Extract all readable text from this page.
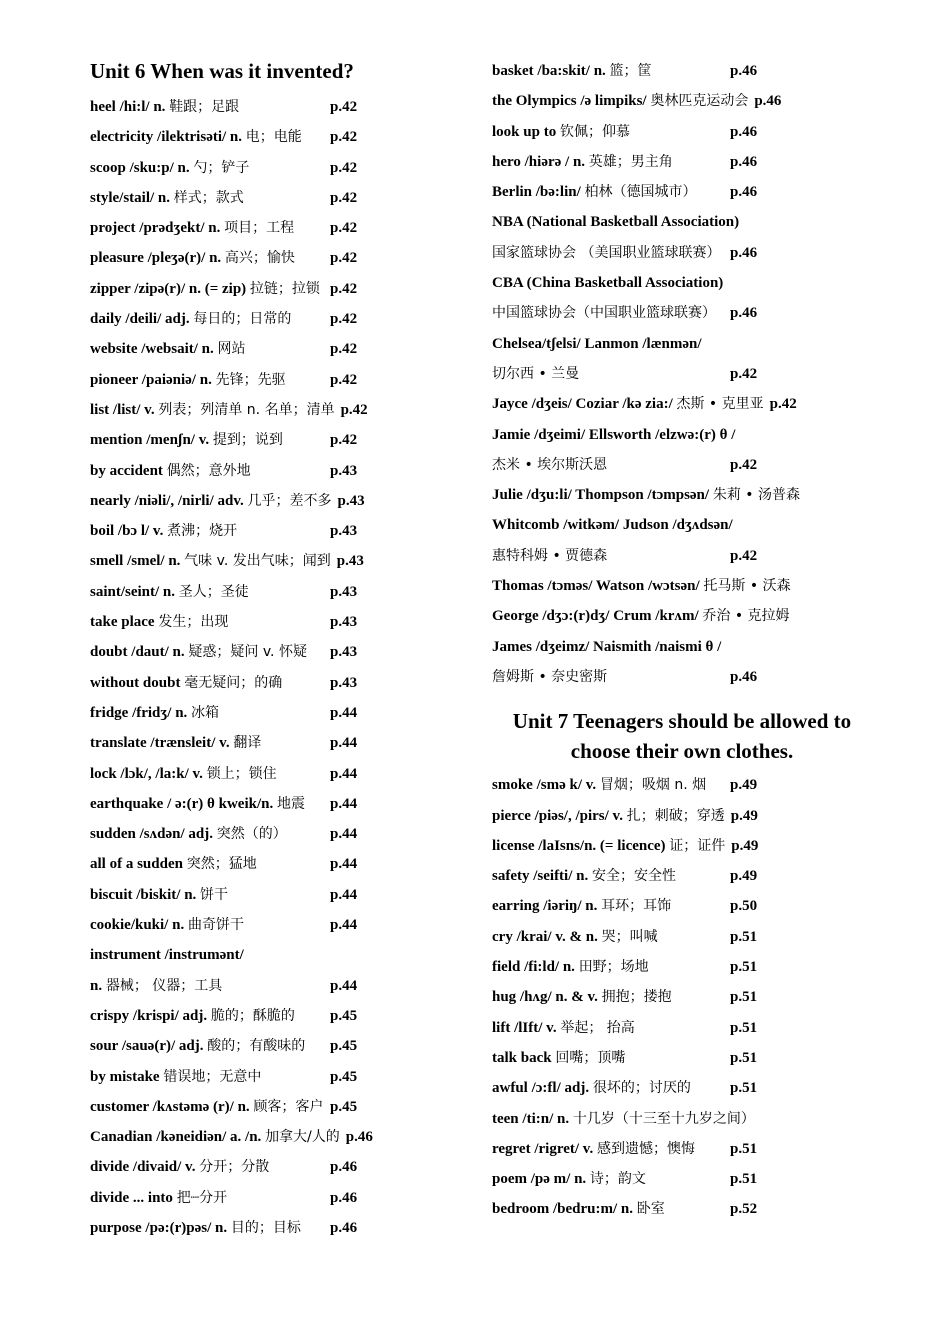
Unit 6 When was it invented?
heel /hi:l/ n. 鞋跟；足跟	p.42
electricity /ilektrisəti/ n. 电；电能 p.42
scoop /sku:p/ n. 勺；铲子	p.42
style/stail/ n. 样式；款式	p.42
project /prədʒekt/ n. 项目；工程 p.42
pleasure /pleʒə(r)/ n. 高兴；愉快 p.42
zipper /zipə(r)/ n. (= zip) 拉链；拉锁 p.42
daily /deili/ adj. 每日的；日常的	p.42
website /websait/ n. 网站	p.42
pioneer /paiəniə/ n. 先锋；先驱	p.42
list /list/ v. 列表；列清单 n. 名单；清单 p.42
mention /menʃn/ v. 提到；说到	p.42
by accident 偶然；意外地	p.43
nearly /niəli/, /nirli/ adv. 几乎；差不多 p.43
boil /bɔ l/ v. 煮沸；烧开	p.43
smell /smel/ n. 气味 v. 发出气味；闻到 p.43
saint/seint/ n. 圣人；圣徒	p.43
take place 发生；出现	p.43
doubt /daut/ n. 疑惑；疑问 v. 怀疑 p.43
without doubt 毫无疑问；的确	p.43
fridge /fridʒ/ n. 冰箱	p.44
translate /trænsleit/ v. 翻译	p.44
lock /lɔk/, /la:k/ v. 锁上；锁住	p.44
earthquake / ə:(r) θ kweik/n. 地震 p.44
sudden /sʌdən/ adj. 突然（的）	p.44
all of a sudden 突然；猛地	p.44
biscuit /biskit/ n. 饼干	p.44
cookie/kuki/ n. 曲奇饼干	p.44
instrument /instrumənt/
n. 器械； 仪器；工具	p.44
crispy /krispi/ adj. 脆的；酥脆的 p.45
sour /sauə(r)/ adj. 酸的；有酸味的 p.45
by mistake 错误地；无意中	p.45
customer /kʌstəmə (r)/ n. 顾客；客户 p.45
Canadian /kəneidiən/ a. /n. 加拿大/人的 p.46
divide /divaid/ v. 分开；分散	p.46
divide ... into 把┈分开	p.46
purpose /pə:(r)pəs/ n. 目的；目标 p.46
basket /ba:skit/ n. 篮；筐	p.46
the Olympics /ə limpiks/ 奥林匹克运动会 p.46
look up to 钦佩；仰慕	p.46
hero /hiərə / n. 英雄；男主角	p.46
Berlin /bə:lin/ 柏林（德国城市） p.46
NBA (National Basketball Association)
国家篮球协会 （美国职业篮球联赛） p.46
CBA (China Basketball Association)
中国篮球协会（中国职业篮球联赛） p.46
Chelsea/tʃelsi/ Lanmon /lænmən/
切尔西 • 兰曼	p.42
Jayce /dʒeis/ Coziar /kə zia:/ 杰斯 • 克里亚 p.42
Jamie /dʒeimi/ Ellsworth /elzwə:(r) θ /
杰米 • 埃尔斯沃恩	p.42
Julie /dʒu:li/ Thompson /tɔmpsən/ 朱莉 • 汤普森
Whitcomb /witkəm/ Judson /dʒʌdsən/
惠特科姆 • 贾德森	p.42
Thomas /tɔməs/ Watson /wɔtsən/ 托马斯 • 沃森
George /dʒɔ:(r)dʒ/ Crum /krʌm/ 乔治 • 克拉姆
James /dʒeimz/ Naismith /naismi θ /
詹姆斯 • 奈史密斯	p.46
Unit 7 Teenagers should be allowed to choose their own clothes.
smoke /smə k/ v. 冒烟；吸烟 n. 烟 p.49
pierce /piəs/, /pirs/ v. 扎；刺破；穿透 p.49
license /laIsns/n. (= licence) 证；证件 p.49
safety /seifti/ n. 安全；安全性	p.49
earring /iəriŋ/ n. 耳环；耳饰	p.50
cry /krai/ v. & n. 哭；叫喊	p.51
field /fi:ld/ n. 田野；场地	p.51
hug /hʌg/ n. & v. 拥抱；搂抱	p.51
lift /lIft/ v. 举起； 抬高	p.51
talk back 回嘴；顶嘴	p.51
awful /ɔ:fl/ adj. 很坏的；讨厌的	p.51
teen /ti:n/ n. 十几岁（十三至十九岁之间）
regret /rigret/ v. 感到遗憾；懊悔 p.51
poem /pə m/ n. 诗；韵文	p.51
bedroom /bedru:m/ n. 卧室	p.52
